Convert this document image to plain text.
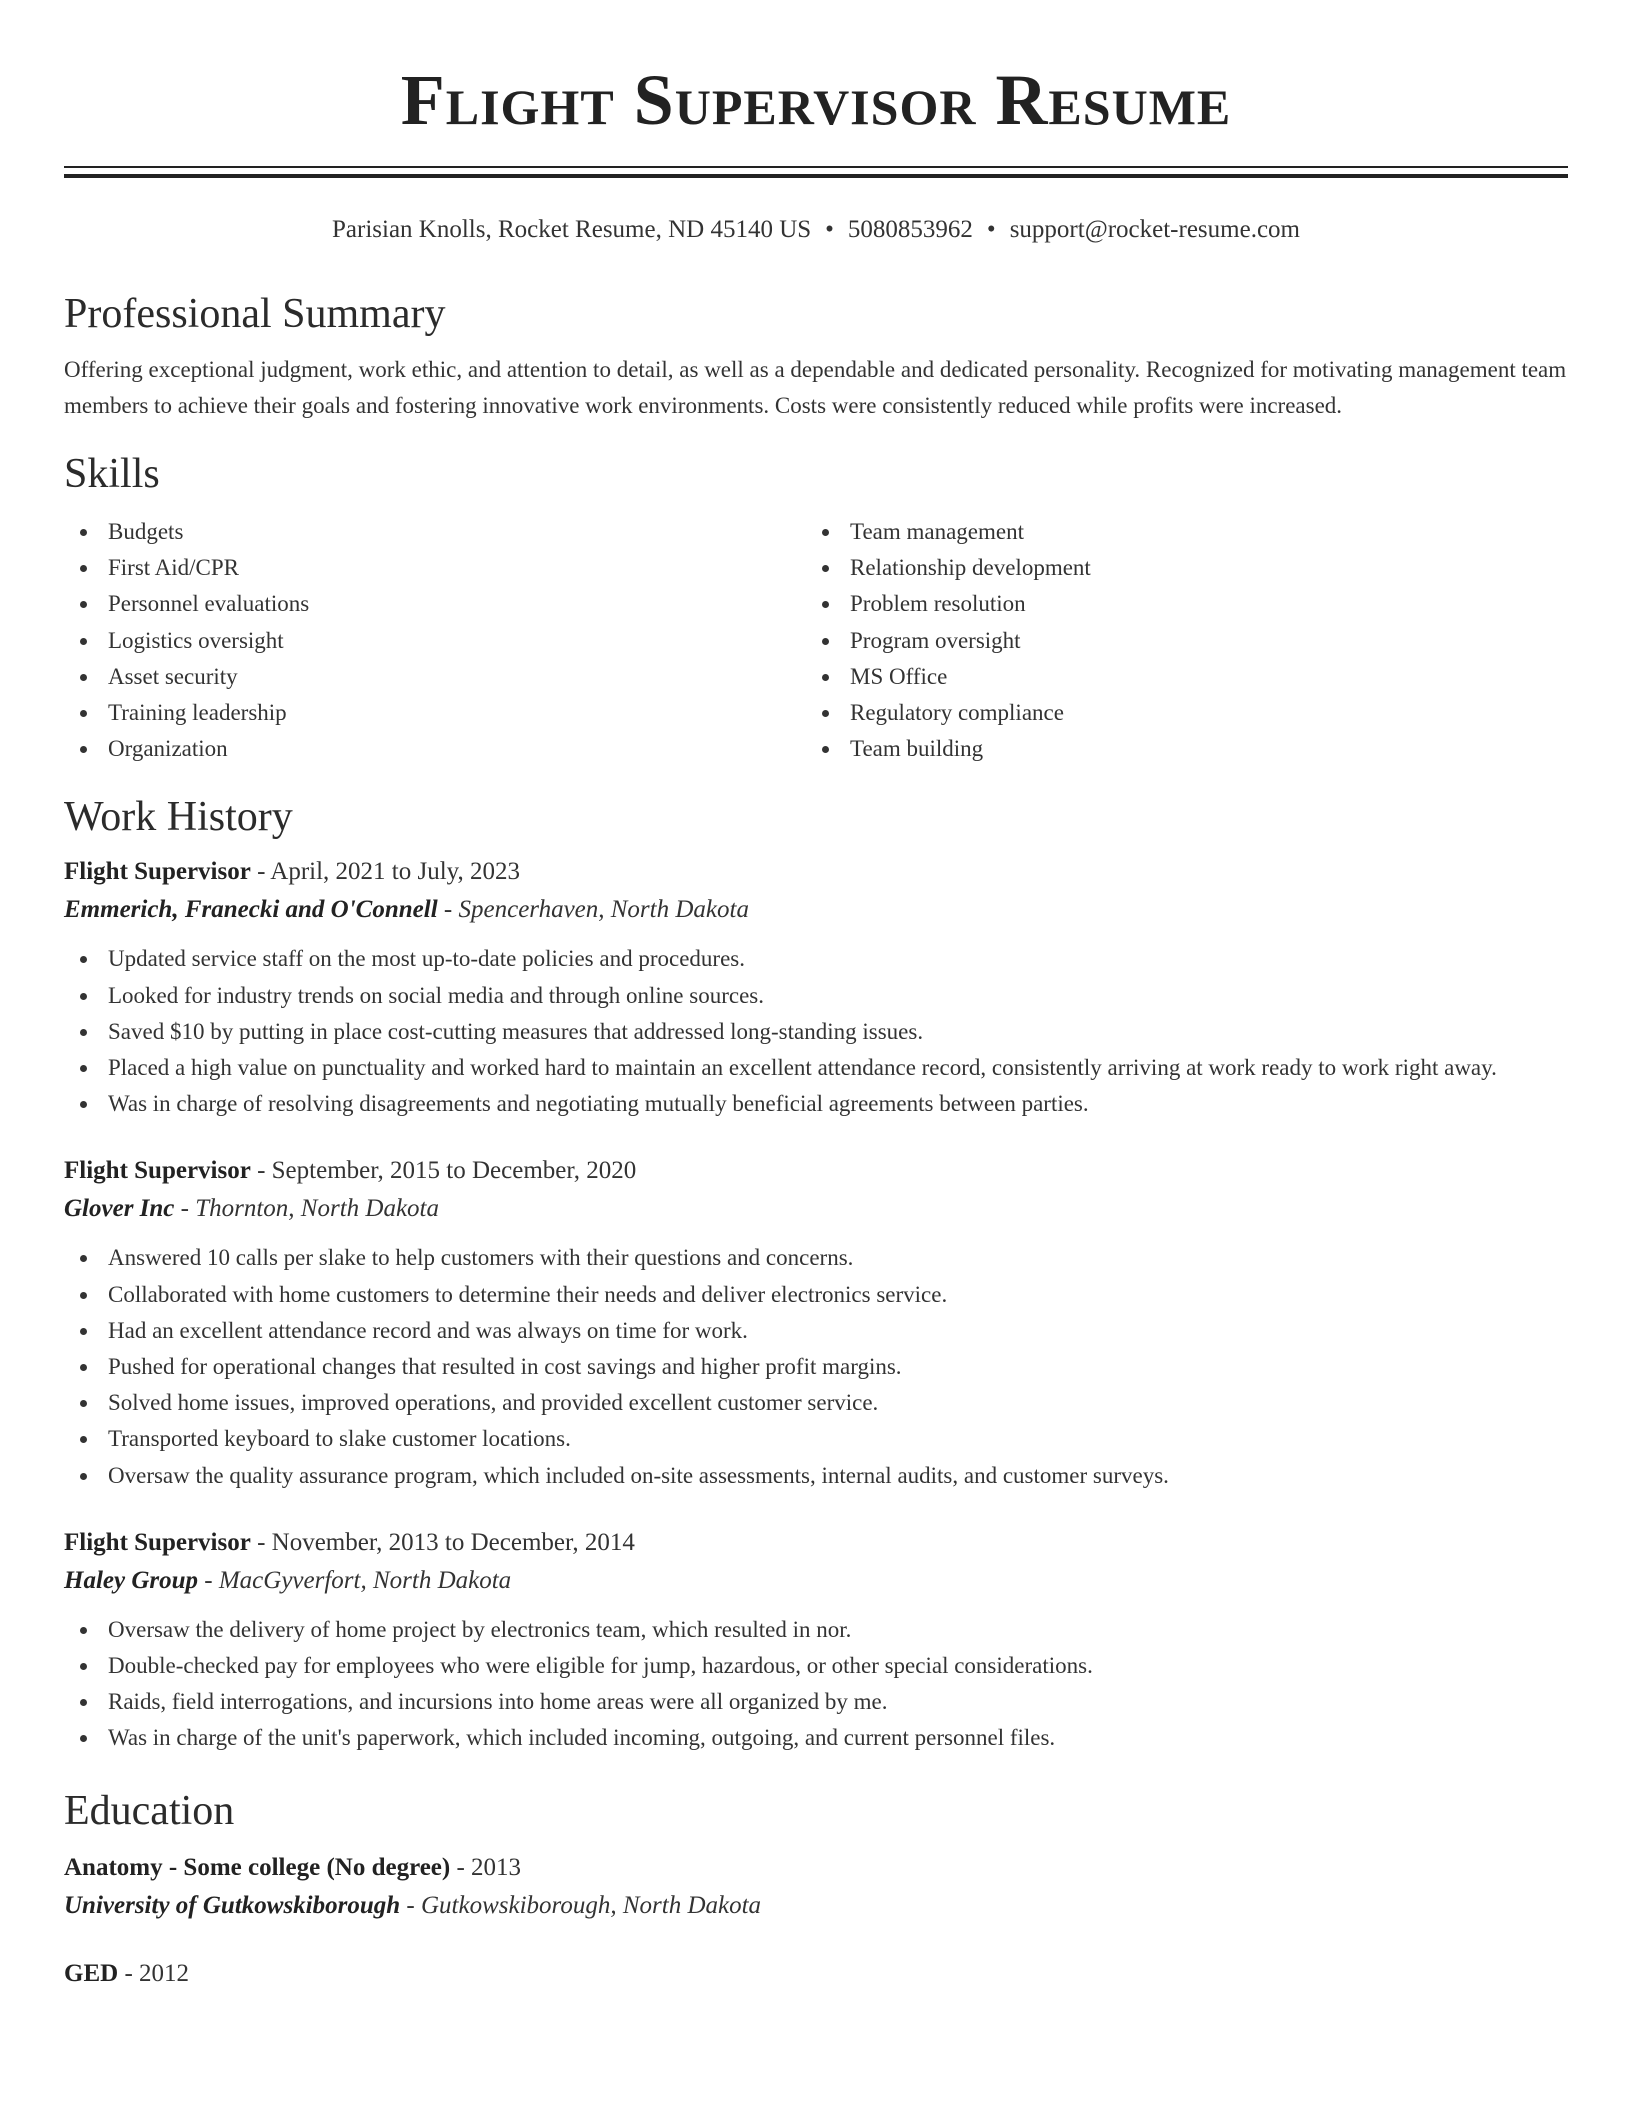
Flight Supervisor Resume
Parisian Knolls, Rocket Resume, ND 45140 US • 5080853962 • support@rocket-resume.com
Professional Summary
Offering exceptional judgment, work ethic, and attention to detail, as well as a dependable and dedicated personality. Recognized for motivating management team members to achieve their goals and fostering innovative work environments. Costs were consistently reduced while profits were increased.
Skills
Budgets
First Aid/CPR
Personnel evaluations
Logistics oversight
Asset security
Training leadership
Organization
Team management
Relationship development
Problem resolution
Program oversight
MS Office
Regulatory compliance
Team building
Work History
Flight Supervisor - April, 2021 to July, 2023
Emmerich, Franecki and O'Connell - Spencerhaven, North Dakota
Updated service staff on the most up-to-date policies and procedures.
Looked for industry trends on social media and through online sources.
Saved $10 by putting in place cost-cutting measures that addressed long-standing issues.
Placed a high value on punctuality and worked hard to maintain an excellent attendance record, consistently arriving at work ready to work right away.
Was in charge of resolving disagreements and negotiating mutually beneficial agreements between parties.
Flight Supervisor - September, 2015 to December, 2020
Glover Inc - Thornton, North Dakota
Answered 10 calls per slake to help customers with their questions and concerns.
Collaborated with home customers to determine their needs and deliver electronics service.
Had an excellent attendance record and was always on time for work.
Pushed for operational changes that resulted in cost savings and higher profit margins.
Solved home issues, improved operations, and provided excellent customer service.
Transported keyboard to slake customer locations.
Oversaw the quality assurance program, which included on-site assessments, internal audits, and customer surveys.
Flight Supervisor - November, 2013 to December, 2014
Haley Group - MacGyverfort, North Dakota
Oversaw the delivery of home project by electronics team, which resulted in nor.
Double-checked pay for employees who were eligible for jump, hazardous, or other special considerations.
Raids, field interrogations, and incursions into home areas were all organized by me.
Was in charge of the unit's paperwork, which included incoming, outgoing, and current personnel files.
Education
Anatomy - Some college (No degree) - 2013
University of Gutkowskiborough - Gutkowskiborough, North Dakota
GED - 2012
